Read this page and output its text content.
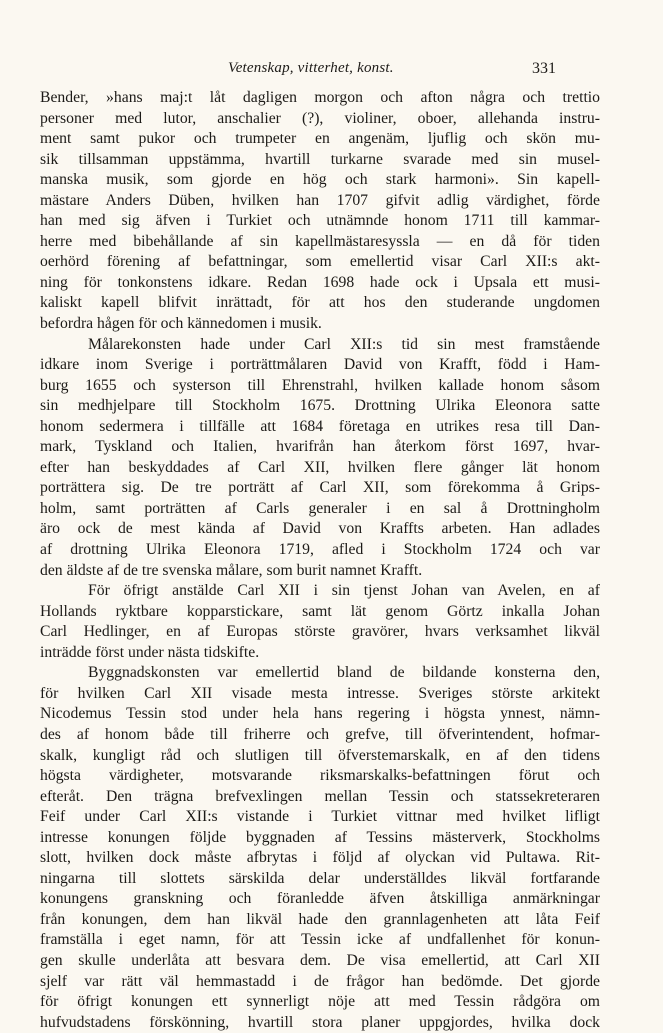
Vetenskap, vitterhet, konst.	331
Bender, »hans maj:t låt dagligen morgon och afton några och trettio
personer med lutor, anschalier (?), violiner, oboer, allehanda instru-
ment samt pukor och trumpeter en angenäm, ljuflig och skön mu-
sik tillsamman uppstämma, hvartill turkarne svarade med sin musel-
manska musik, som gjorde en hög och stark harmoni». Sin kapell-
mästare Anders Düben, hvilken han 1707 gifvit adlig värdighet, förde
han med sig äfven i Turkiet och utnämnde honom 1711 till kammar-
herre med bibehållande af sin kapellmästaresyssla — en då för tiden
oerhörd förening af befattningar, som emellertid visar Carl XII:s akt-
ning för tonkonstens idkare. Redan 1698 hade ock i Upsala ett musi-
kaliskt kapell blifvit inrättadt, för att hos den studerande ungdomen
befordra hågen för och kännedomen i musik.
Målarekonsten hade under Carl XII:s tid sin mest framstående
idkare inom Sverige i porträttmålaren David von Krafft, född i Ham-
burg 1655 och systerson till Ehrenstrahl, hvilken kallade honom såsom
sin medhjelpare till Stockholm 1675. Drottning Ulrika Eleonora satte
honom sedermera i tillfälle att 1684 företaga en utrikes resa till Dan-
mark, Tyskland och Italien, hvarifrån han återkom först 1697, hvar-
efter han beskyddades af Carl XII, hvilken flere gånger lät honom
porträttera sig. De tre porträtt af Carl XII, som förekomma å Grips-
holm, samt porträtten af Carls generaler i en sal å Drottningholm
äro ock de mest kända af David von Kraffts arbeten. Han adlades
af drottning Ulrika Eleonora 1719, afled i Stockholm 1724 och var
den äldste af de tre svenska målare, som burit namnet Krafft.
För öfrigt anstälde Carl XII i sin tjenst Johan van Avelen, en af
Hollands ryktbare kopparstickare, samt lät genom Görtz inkalla Johan
Carl Hedlinger, en af Europas störste gravörer, hvars verksamhet likväl
inträdde först under nästa tidskifte.
Byggnadskonsten var emellertid bland de bildande konsterna den,
för hvilken Carl XII visade mesta intresse. Sveriges störste arkitekt
Nicodemus Tessin stod under hela hans regering i högsta ynnest, nämn-
des af honom både till friherre och grefve, till öfverintendent, hofmar-
skalk, kungligt råd och slutligen till öfverstemarskalk, en af den tidens
högsta värdigheter, motsvarande riksmarskalks-befattningen förut och
efteråt. Den trägna brefvexlingen mellan Tessin och statssekreteraren
Feif under Carl XII:s vistande i Turkiet vittnar med hvilket lifligt
intresse konungen följde byggnaden af Tessins mästerverk, Stockholms
slott, hvilken dock måste afbrytas i följd af olyckan vid Pultawa. Rit-
ningarna till slottets särskilda delar underställdes likväl fortfarande
konungens granskning och föranledde äfven åtskilliga anmärkningar
från konungen, dem han likväl hade den grannlagenheten att låta Feif
framställa i eget namn, för att Tessin icke af undfallenhet för konun-
gen skulle underlåta att besvara dem. De visa emellertid, att Carl XII
sjelf var rätt väl hemmastadd i de frågor han bedömde. Det gjorde
för öfrigt konungen ett synnerligt nöje att med Tessin rådgöra om
hufvudstadens förskönning, hvartill stora planer uppgjordes, hvilka dock
